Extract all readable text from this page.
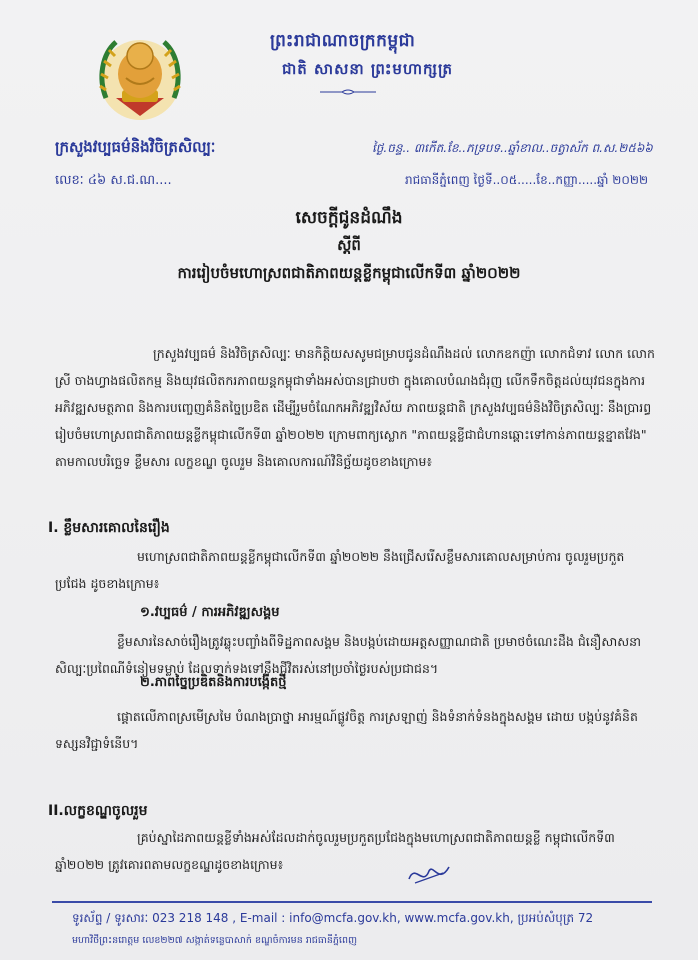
ព្រះរាជាណាចក្រកម្ពុជា
ជាតិ សាសនា ព្រះមហាក្សត្រ
ក្រសួងវប្បធម៌និងវិចិត្រសិល្បៈ
លេខៈ ៤៦ ស.ជ.ណ....
ថ្ងៃ.ចន្ទ.. ៣កើត.ខែ..ភទ្របទ..ឆ្នាំខាល..ចត្វាស័ក ព.ស.២៥៦៦
រាជធានីភ្នំពេញ ថ្ងៃទី..០៥.....ខែ..កញ្ញា.....ឆ្នាំ ២០២២
សេចក្ដីជូនដំណឹង
ស្ដីពី
ការរៀបចំមហោស្រពជាតិភាពយន្តខ្លីកម្ពុជាលើកទី៣ ឆ្នាំ២០២២
ក្រសួងវប្បធម៌ និងវិចិត្រសិល្បៈ មានកិត្តិយសសូមជម្រាបជូនដំណឹងដល់ លោកឧកញ៉ា លោកជំទាវ លោក លោកស្រី ចាងហ្វាងផលិតកម្ម និងយុវផលិតករភាពយន្តកម្ពុជាទាំងអស់បានជ្រាបថា ក្នុងគោលបំណងជំរុញ លើកទឹកចិត្តដល់យុវជនក្នុងការអភិវឌ្ឍសមត្ថភាព និងការបញ្ចេញគំនិតច្នៃប្រឌិត ដើម្បីរួមចំណែកអភិវឌ្ឍវិស័យ ភាពយន្តជាតិ ក្រសួងវប្បធម៌និងវិចិត្រសិល្បៈ នឹងប្រារព្ធរៀបចំមហោស្រពជាតិភាពយន្តខ្លីកម្ពុជាលើកទី៣ ឆ្នាំ២០២២ ក្រោមពាក្យស្លោក "ភាពយន្តខ្លីជាជំហានឆ្ពោះទៅកាន់ភាពយន្តខ្នាតវែង" តាមកាលបរិច្ឆេទ ខ្លឹមសារ លក្ខខណ្ឌ ចូលរួម និងគោលការណ៍វិនិច្ឆ័យដូចខាងក្រោម៖
I. ខ្លឹមសារគោលនៃរឿង
មហោស្រពជាតិភាពយន្តខ្លីកម្ពុជាលើកទី៣ ឆ្នាំ២០២២ នឹងជ្រើសរើសខ្លឹមសារគោលសម្រាប់ការ ចូលរួមប្រកួតប្រជែង ដូចខាងក្រោម៖
១.វប្បធម៌ / ការអភិវឌ្ឍសង្គម
ខ្លឹមសារនៃសាច់រឿងត្រូវឆ្លុះបញ្ចាំងពីទិដ្ឋភាពសង្គម និងបង្កប់ដោយអត្តសញ្ញាណជាតិ ប្រមាថចំណេះដឹង ជំនឿសាសនា សិល្បៈប្រពៃណីទំនៀមទម្លាប់ ដែលទាក់ទងទៅនឹងជីវិតរស់នៅប្រចាំថ្ងៃរបស់ប្រជាជន។
២.ភាពច្នៃប្រឌិតនិងការបង្កើតថ្មី
ផ្ដោតលើភាពស្រមើស្រមៃ បំណងប្រាថ្នា អារម្មណ៍ផ្លូវចិត្ត ការស្រឡាញ់ និងទំនាក់ទំនងក្នុងសង្គម ដោយ បង្កប់នូវគំនិតទស្សនវិជ្ជាទំនើប។
II.លក្ខខណ្ឌចូលរួម
គ្រប់ស្នាដៃភាពយន្តខ្លីទាំងអស់ដែលដាក់ចូលរួមប្រកួតប្រជែងក្នុងមហោស្រពជាតិភាពយន្តខ្លី កម្ពុជាលើកទី៣ ឆ្នាំ២០២២ ត្រូវគោរពតាមលក្ខខណ្ឌដូចខាងក្រោម៖
ទូរស័ព្ទ / ទូរសារៈ 023 218 148 , E-mail : info@mcfa.gov.kh, www.mcfa.gov.kh, ប្រអប់សំបុត្រ 72
មហាវិថីព្រះនរោត្តម លេខ២២៧ សង្កាត់ទន្លេបាសាក់ ខណ្ឌចំការមន រាជធានីភ្នំពេញ
